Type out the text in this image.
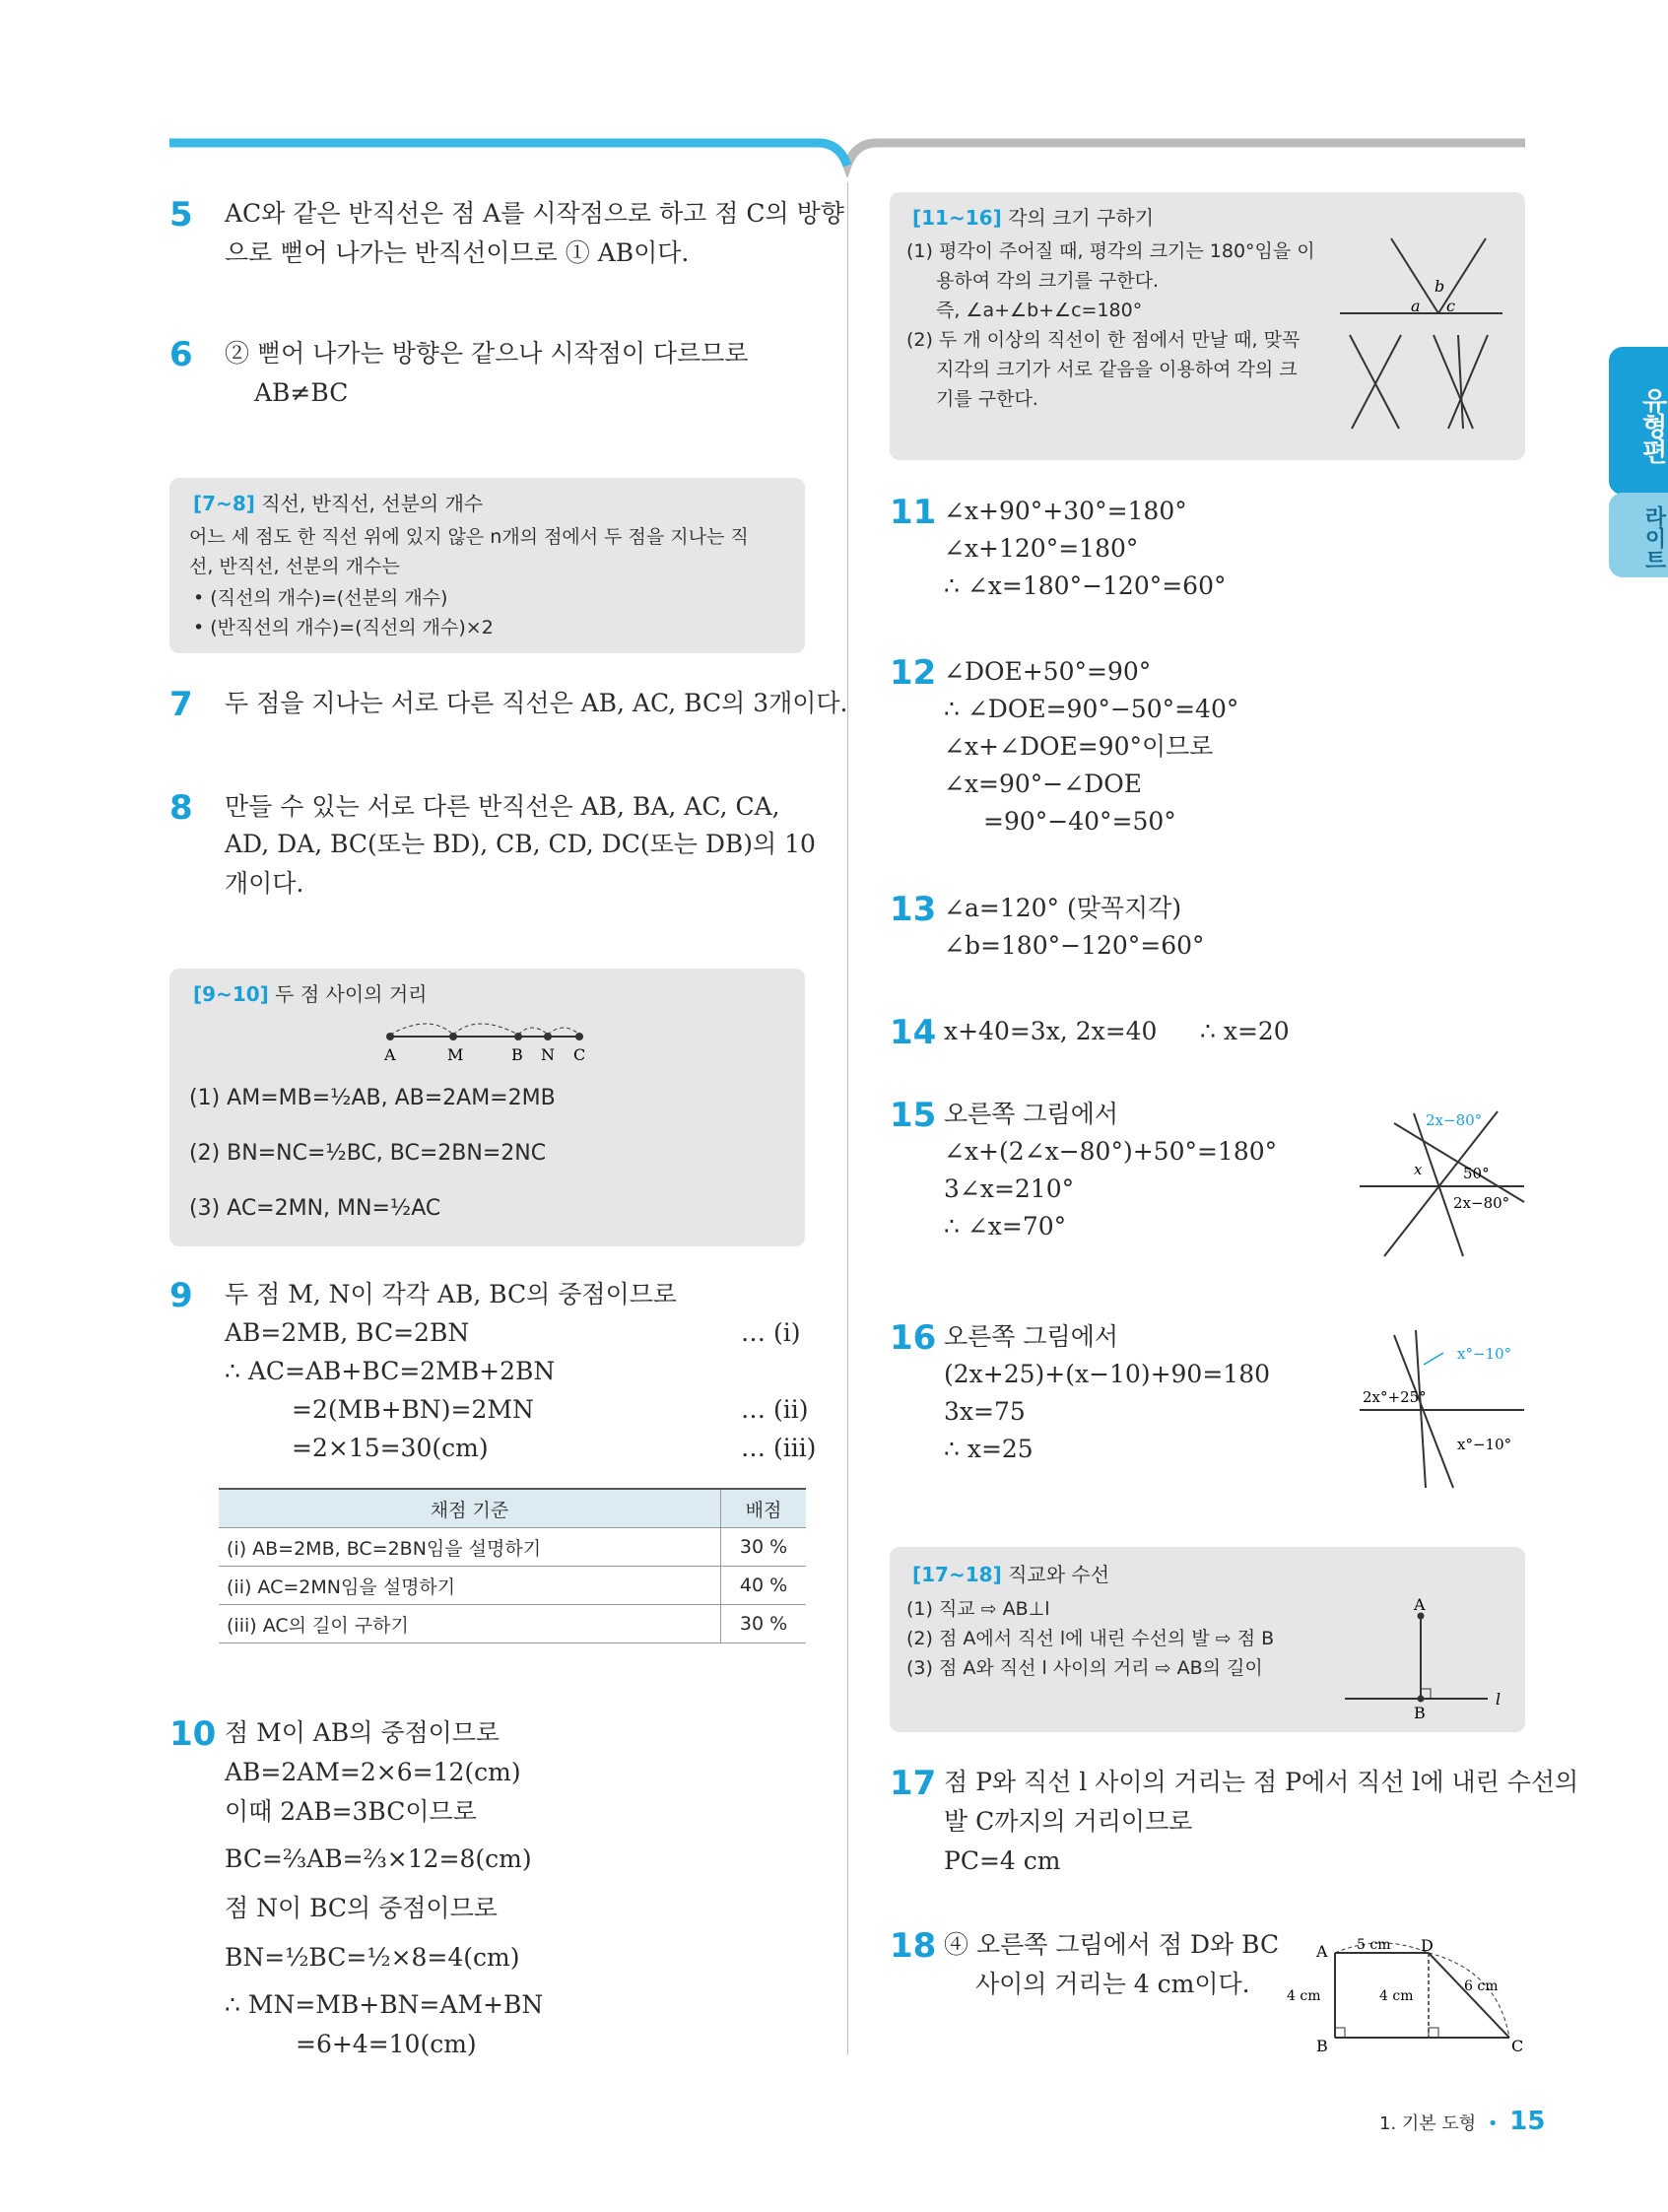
유형편
라이트
5 AC와 같은 반직선은 점 A를 시작점으로 하고 점 C의 방향
으로 뻗어 나가는 반직선이므로 ① AB이다.
6 ② 뻗어 나가는 방향은 같으나 시작점이 다르므로
AB≠BC
[7~8] 직선, 반직선, 선분의 개수
어느 세 점도 한 직선 위에 있지 않은 n개의 점에서 두 점을 지나는 직
선, 반직선, 선분의 개수는
• (직선의 개수)=(선분의 개수)
• (반직선의 개수)=(직선의 개수)×2
7 두 점을 지나는 서로 다른 직선은 AB, AC, BC의 3개이다.
8 만들 수 있는 서로 다른 반직선은 AB, BA, AC, CA,
AD, DA, BC(또는 BD), CB, CD, DC(또는 DB)의 10
개이다.
[9~10] 두 점 사이의 거리
A	M	B N C
(1) AM=MB=½AB, AB=2AM=2MB
(2) BN=NC=½BC, BC=2BN=2NC
(3) AC=2MN, MN=½AC
9 두 점 M, N이 각각 AB, BC의 중점이므로
AB=2MB, BC=2BN	… (i)
∴ AC=AB+BC=2MB+2BN
=2(MB+BN)=2MN	… (ii)
=2×15=30(cm)	… (iii)
채점 기준	배점
(i) AB=2MB, BC=2BN임을 설명하기	30 %
(ii) AC=2MN임을 설명하기	40 %
(iii) AC의 길이 구하기	30 %
10 점 M이 AB의 중점이므로
AB=2AM=2×6=12(cm)
이때 2AB=3BC이므로
BC=⅔AB=⅔×12=8(cm)
점 N이 BC의 중점이므로
BN=½BC=½×8=4(cm)
∴ MN=MB+BN=AM+BN
=6+4=10(cm)
[11~16] 각의 크기 구하기
(1) 평각이 주어질 때, 평각의 크기는 180°임을 이
용하여 각의 크기를 구한다.
즉, ∠a+∠b+∠c=180°
(2) 두 개 이상의 직선이 한 점에서 만날 때, 맞꼭
지각의 크기가 서로 같음을 이용하여 각의 크
기를 구한다.
a
b
c
11 ∠x+90°+30°=180°
∠x+120°=180°
∴ ∠x=180°−120°=60°
12 ∠DOE+50°=90°
∴ ∠DOE=90°−50°=40°
∠x+∠DOE=90°이므로
∠x=90°−∠DOE
=90°−40°=50°
13 ∠a=120° (맞꼭지각)
∠b=180°−120°=60°
14 x+40=3x, 2x=40 ∴ x=20
15 오른쪽 그림에서
∠x+(2∠x−80°)+50°=180°
3∠x=210°
∴ ∠x=70°
2x−80°
x	50°
2x−80°
16 오른쪽 그림에서
(2x+25)+(x−10)+90=180
3x=75
∴ x=25
x°−10°
2x°+25°
x°−10°
[17~18] 직교와 수선
(1) 직교 ⇨ AB⊥l
(2) 점 A에서 직선 l에 내린 수선의 발 ⇨ 점 B
(3) 점 A와 직선 l 사이의 거리 ⇨ AB의 길이
A
B
l
17 점 P와 직선 l 사이의 거리는 점 P에서 직선 l에 내린 수선의
발 C까지의 거리이므로
PC=4 cm
18 ④ 오른쪽 그림에서 점 D와 BC
사이의 거리는 4 cm이다.
A	D
B	C
5 cm
4 cm	4 cm
6 cm
1. 기본 도형 • 15
